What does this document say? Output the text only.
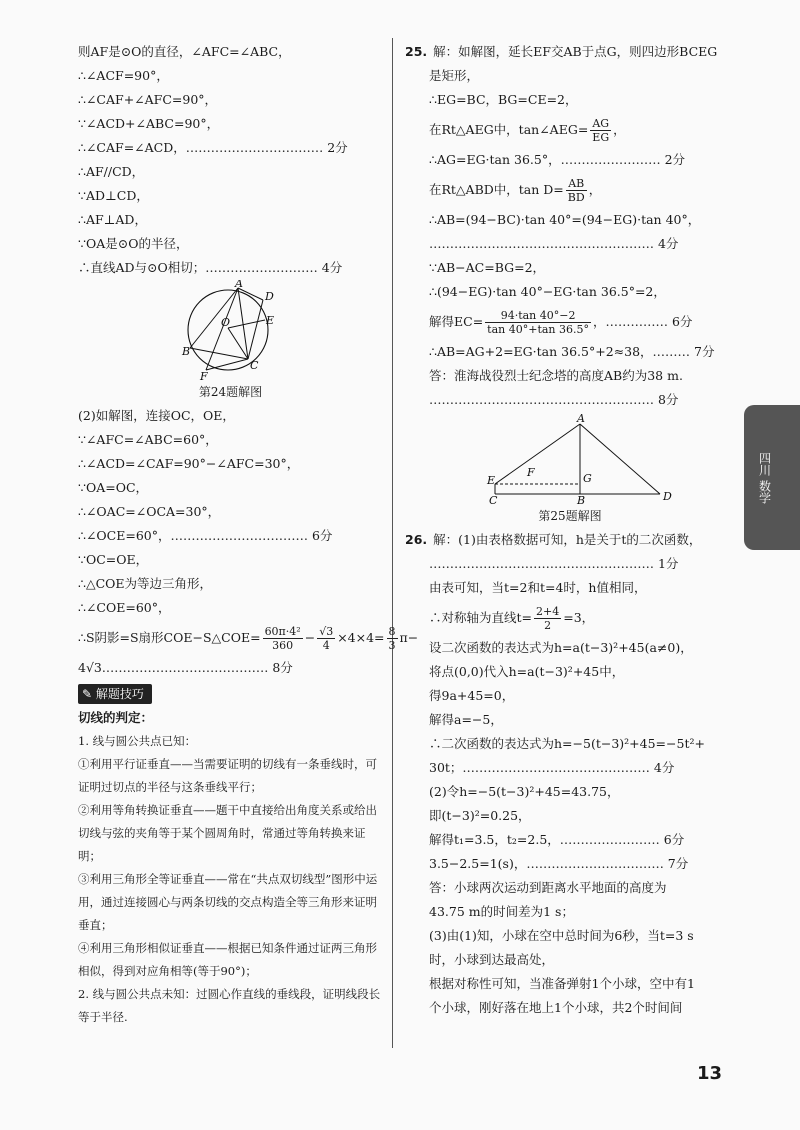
则AF是⊙O的直径，∠AFC=∠ABC，
∴∠ACF=90°，
∴∠CAF+∠AFC=90°，
∵∠ACD+∠ABC=90°，
∴∠CAF=∠ACD，…………………………… 2分
∴AF//CD，
∵AD⊥CD，
∴AF⊥AD，
∵OA是⊙O的半径，
∴直线AD与⊙O相切；……………………… 4分
A
D
O	E
B
F
C
第24题解图
(2)如解图，连接OC，OE，
∵∠AFC=∠ABC=60°，
∴∠ACD=∠CAF=90°−∠AFC=30°，
∵OA=OC，
∴∠OAC=∠OCA=30°，
∴∠OCE=60°，…………………………… 6分
∵OC=OE，
∴△COE为等边三角形，
∴∠COE=60°，
∴S阴影=S扇形COE−S△COE= $\frac{\text{60π·4²}}{360} - \frac{√3}{4} \times 4\times 4= \frac{8}{3} \pi-$
4√3.………………………………… 8分
✎ 解题技巧
切线的判定：
1. 线与圆公共点已知：
①利用平行证垂直——当需要证明的切线有一条垂线时，可证明过切点的半径与这条垂线平行；
②利用等角转换证垂直——题干中直接给出角度关系或给出切线与弦的夹角等于某个圆周角时，常通过等角转换来证明；
③利用三角形全等证垂直——常在“共点双切线型”图形中运用，通过连接圆心与两条切线的交点构造全等三角形来证明垂直；
④利用三角形相似证垂直——根据已知条件通过证两三角形相似，得到对应角相等(等于90°)；
2. 线与圆公共点未知：过圆心作直线的垂线段，证明线段长等于半径.
25. 解：如解图，延长EF交AB于点G，则四边形BCEG
是矩形，
∴EG=BC，BG=CE=2，
在Rt△AEG中，tan∠AEG= $\frac{AG}{EG}$ ，
∴AG=EG·tan 36.5°，…………………… 2分
在Rt△ABD中，$\tan D= \frac{AB}{BD}$ ，
∴AB=(94−BC)·tan 40°=(94−EG)·tan 40°，
……………………………………………… 4分
∵AB−AC=BG=2，
∴(94−EG)·tan 40°−EG·tan 36.5°=2，
解得$EC= \frac{94\cdot\tan 40^\circ-2}{\tan 40^\circ+\tan 36.5^\circ}$ ，…………… 6分
∴AB=AG+2=EG·tan 36.5°+2≈38，……… 7分
答：淮海战役烈士纪念塔的高度AB约为38 m.
……………………………………………… 8分
A
E
F	G
C	B	D
第25题解图
26. 解：(1)由表格数据可知，h是关于t的二次函数，
……………………………………………… 1分
由表可知，当t=2和t=4时，h值相同，
∴对称轴为直线$t= \frac{2+4}{2} =3$，
设二次函数的表达式为h=a(t−3)²+45(a≠0)，
将点(0,0)代入h=a(t−3)²+45中，
得9a+45=0，
解得a=−5，
∴二次函数的表达式为h=−5(t−3)²+45=−5t²+
30t；……………………………………… 4分
(2)令h=−5(t−3)²+45=43.75，
即(t−3)²=0.25，
解得t₁=3.5，t₂=2.5，…………………… 6分
3.5−2.5=1(s)，…………………………… 7分
答：小球两次运动到距离水平地面的高度为
43.75 m的时间差为1 s；
(3)由(1)知，小球在空中总时间为6秒，当t=3 s
时，小球到达最高处，
根据对称性可知，当准备弹射1个小球，空中有1
个小球，刚好落在地上1个小球，共2个时间间
四川 数学
13
